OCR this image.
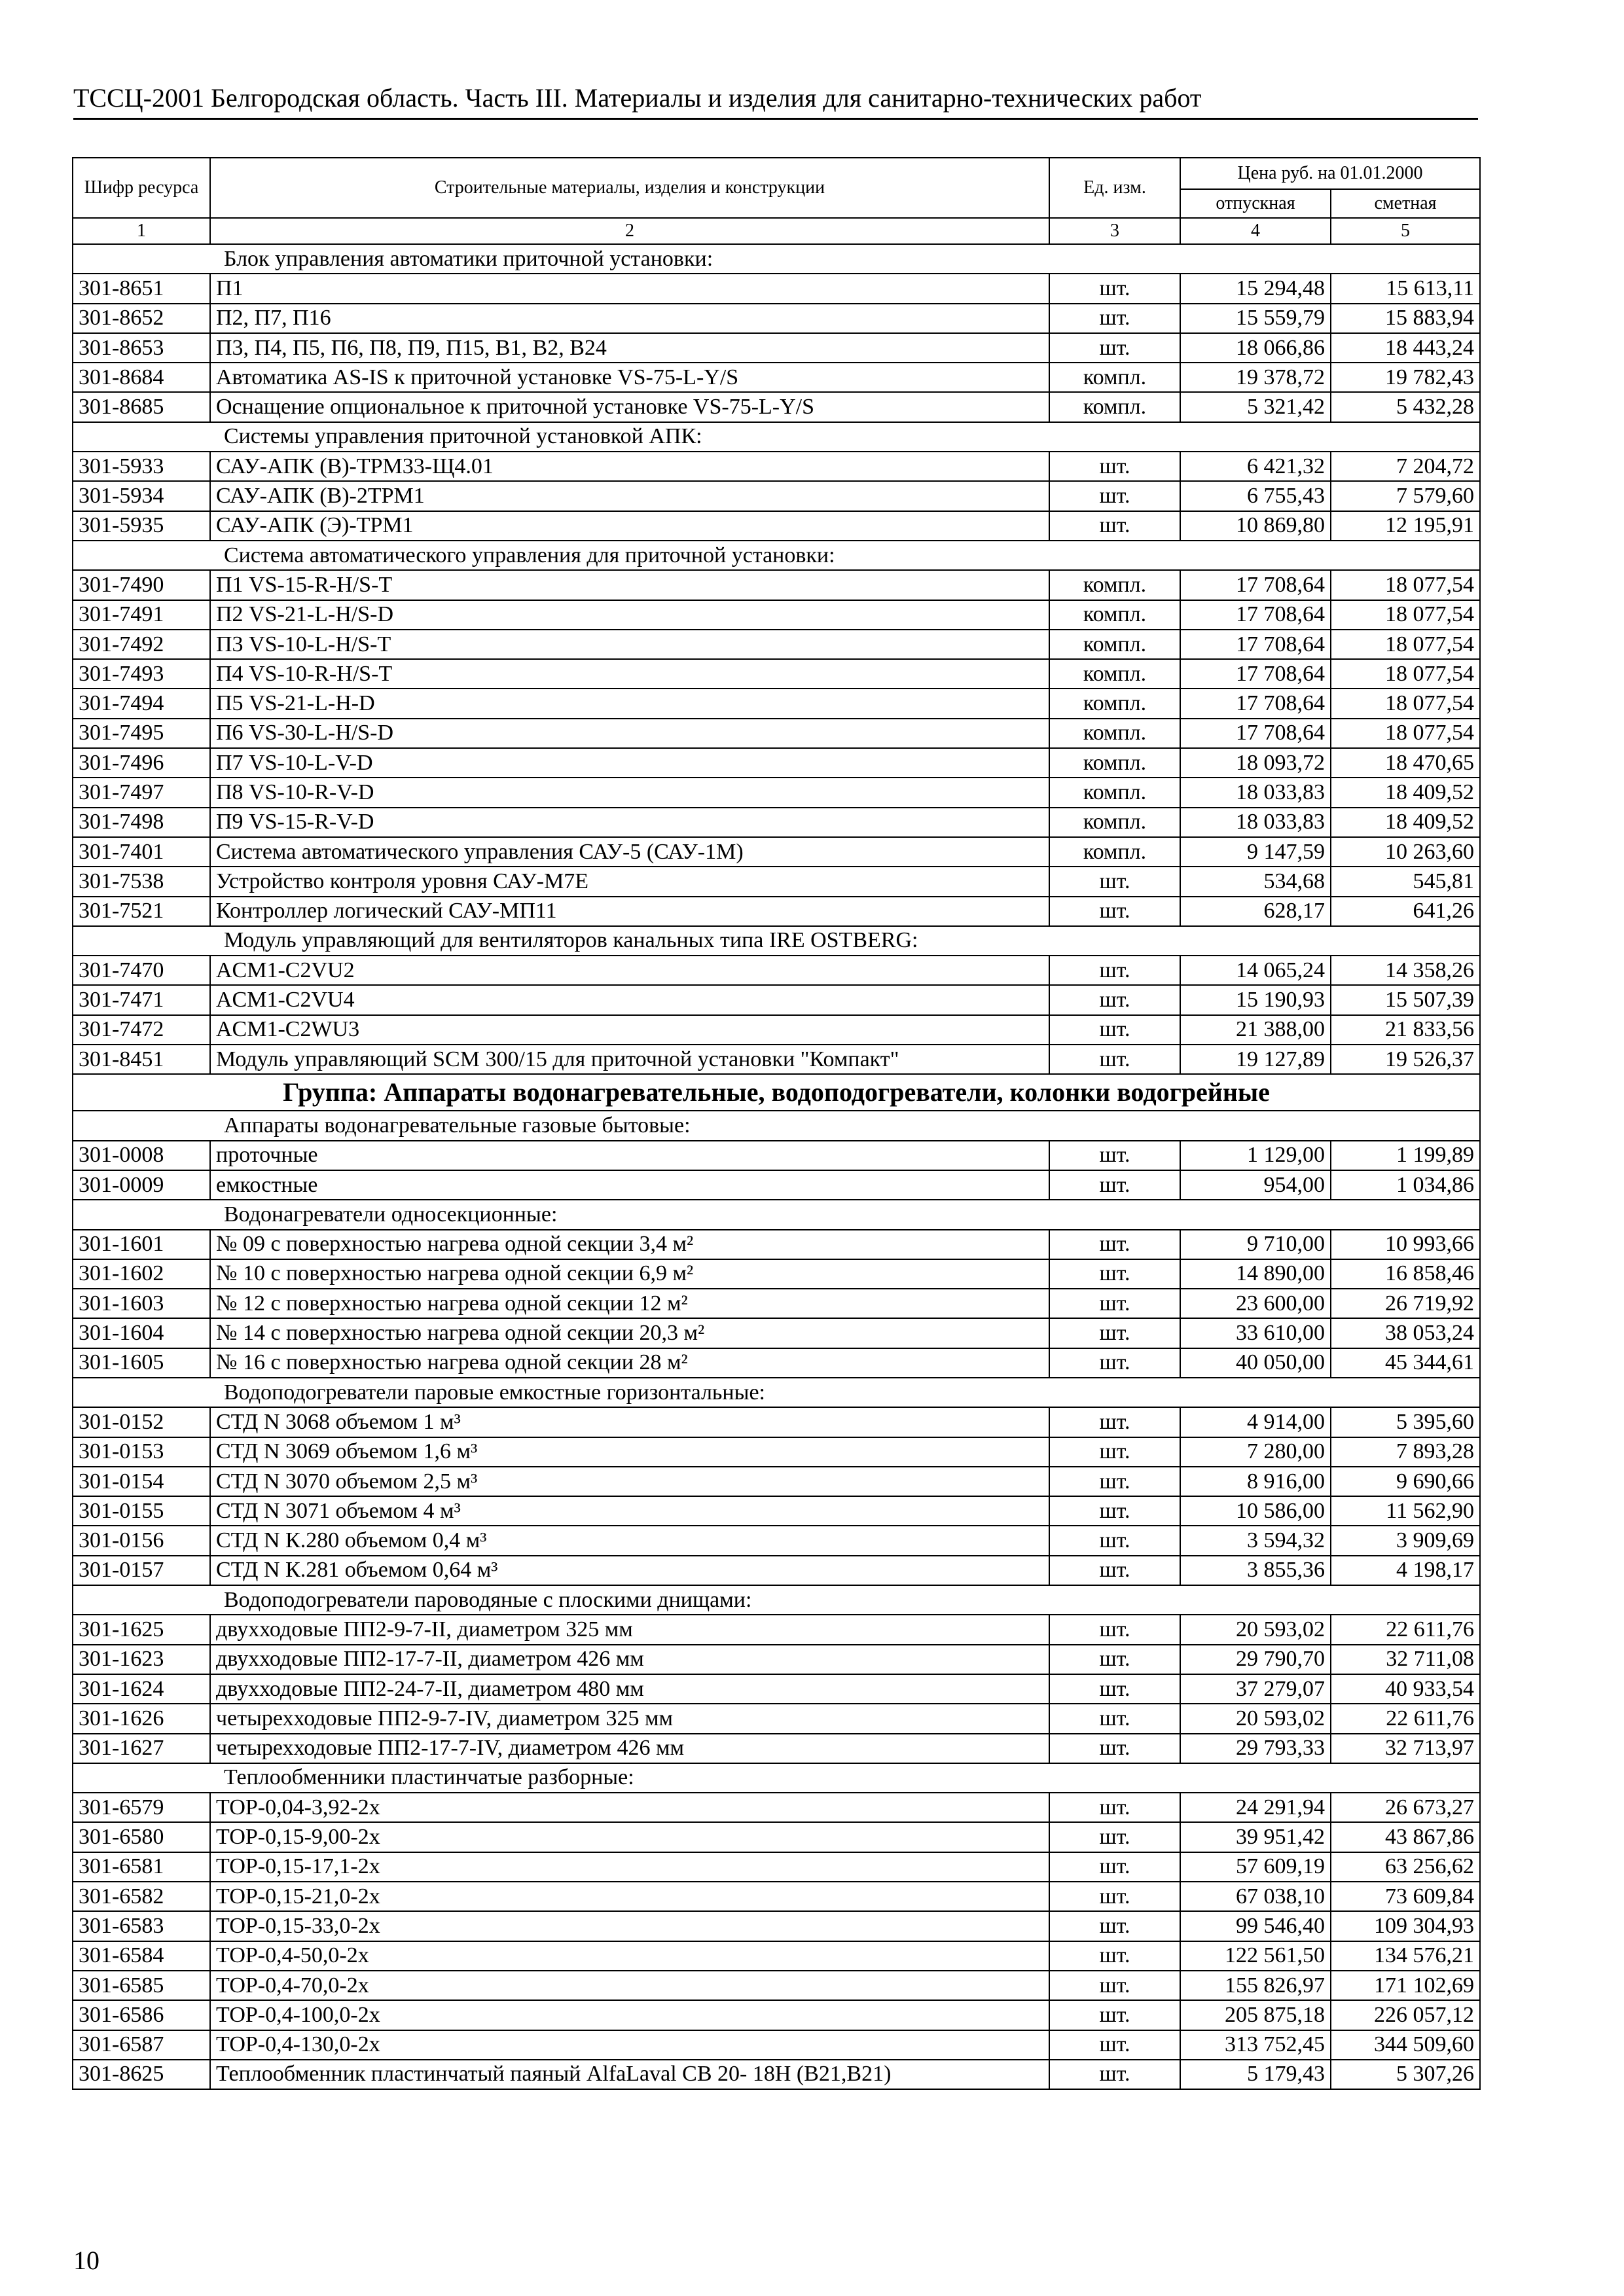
ТССЦ-2001 Белгородская область. Часть III. Материалы и изделия для санитарно-технических работ
Шифр ресурса	Строительные материалы, изделия и конструкции	Ед. изм.	Цена руб. на 01.01.2000	
			отпускная	сметная
1	2	3	4	5
Блок управления автоматики приточной установки:				
301-8651	П1	шт.	15 294,48	15 613,11
301-8652	П2, П7, П16	шт.	15 559,79	15 883,94
301-8653	П3, П4, П5, П6, П8, П9, П15, В1, В2, В24	шт.	18 066,86	18 443,24
301-8684	Автоматика AS-IS к приточной установке VS-75-L-Y/S	компл.	19 378,72	19 782,43
301-8685	Оснащение опциональное к приточной установке VS-75-L-Y/S	компл.	5 321,42	5 432,28
Системы управления приточной установкой АПК:				
301-5933	САУ-АПК (В)-ТРМ33-Щ4.01	шт.	6 421,32	7 204,72
301-5934	САУ-АПК (В)-2ТРМ1	шт.	6 755,43	7 579,60
301-5935	САУ-АПК (Э)-ТРМ1	шт.	10 869,80	12 195,91
Система автоматического управления для приточной установки:				
301-7490	П1 VS-15-R-H/S-T	компл.	17 708,64	18 077,54
301-7491	П2 VS-21-L-H/S-D	компл.	17 708,64	18 077,54
301-7492	П3 VS-10-L-H/S-T	компл.	17 708,64	18 077,54
301-7493	П4 VS-10-R-H/S-T	компл.	17 708,64	18 077,54
301-7494	П5 VS-21-L-H-D	компл.	17 708,64	18 077,54
301-7495	П6 VS-30-L-H/S-D	компл.	17 708,64	18 077,54
301-7496	П7 VS-10-L-V-D	компл.	18 093,72	18 470,65
301-7497	П8 VS-10-R-V-D	компл.	18 033,83	18 409,52
301-7498	П9 VS-15-R-V-D	компл.	18 033,83	18 409,52
301-7401	Система автоматического управления САУ-5 (САУ-1М)	компл.	9 147,59	10 263,60
301-7538	Устройство контроля уровня САУ-М7Е	шт.	534,68	545,81
301-7521	Контроллер логический САУ-МП11	шт.	628,17	641,26
Модуль управляющий для вентиляторов канальных типа IRE OSTBERG:				
301-7470	ACM1-C2VU2	шт.	14 065,24	14 358,26
301-7471	ACM1-C2VU4	шт.	15 190,93	15 507,39
301-7472	ACM1-C2WU3	шт.	21 388,00	21 833,56
301-8451	Модуль управляющий SCM 300/15 для приточной установки "Компакт"	шт.	19 127,89	19 526,37
Группа: Аппараты водонагревательные, водоподогреватели, колонки водогрейные				
Аппараты водонагревательные газовые бытовые:				
301-0008	проточные	шт.	1 129,00	1 199,89
301-0009	емкостные	шт.	954,00	1 034,86
Водонагреватели односекционные:				
301-1601	№ 09 с поверхностью нагрева одной секции 3,4 м²	шт.	9 710,00	10 993,66
301-1602	№ 10 с поверхностью нагрева одной секции 6,9 м²	шт.	14 890,00	16 858,46
301-1603	№ 12 с поверхностью нагрева одной секции 12 м²	шт.	23 600,00	26 719,92
301-1604	№ 14 с поверхностью нагрева одной секции 20,3 м²	шт.	33 610,00	38 053,24
301-1605	№ 16 с поверхностью нагрева одной секции 28 м²	шт.	40 050,00	45 344,61
Водоподогреватели паровые емкостные горизонтальные:				
301-0152	СТД N 3068 объемом 1 м³	шт.	4 914,00	5 395,60
301-0153	СТД N 3069 объемом 1,6 м³	шт.	7 280,00	7 893,28
301-0154	СТД N 3070 объемом 2,5 м³	шт.	8 916,00	9 690,66
301-0155	СТД N 3071 объемом 4 м³	шт.	10 586,00	11 562,90
301-0156	СТД N К.280 объемом 0,4 м³	шт.	3 594,32	3 909,69
301-0157	СТД N К.281 объемом 0,64 м³	шт.	3 855,36	4 198,17
Водоподогреватели пароводяные с плоскими днищами:				
301-1625	двухходовые ПП2-9-7-II, диаметром 325 мм	шт.	20 593,02	22 611,76
301-1623	двухходовые ПП2-17-7-II, диаметром 426 мм	шт.	29 790,70	32 711,08
301-1624	двухходовые ПП2-24-7-II, диаметром 480 мм	шт.	37 279,07	40 933,54
301-1626	четырехходовые ПП2-9-7-IV, диаметром 325 мм	шт.	20 593,02	22 611,76
301-1627	четырехходовые ПП2-17-7-IV, диаметром 426 мм	шт.	29 793,33	32 713,97
Теплообменники пластинчатые разборные:				
301-6579	ТОР-0,04-3,92-2х	шт.	24 291,94	26 673,27
301-6580	ТОР-0,15-9,00-2х	шт.	39 951,42	43 867,86
301-6581	ТОР-0,15-17,1-2х	шт.	57 609,19	63 256,62
301-6582	ТОР-0,15-21,0-2х	шт.	67 038,10	73 609,84
301-6583	ТОР-0,15-33,0-2х	шт.	99 546,40	109 304,93
301-6584	ТОР-0,4-50,0-2х	шт.	122 561,50	134 576,21
301-6585	ТОР-0,4-70,0-2х	шт.	155 826,97	171 102,69
301-6586	ТОР-0,4-100,0-2х	шт.	205 875,18	226 057,12
301-6587	ТОР-0,4-130,0-2х	шт.	313 752,45	344 509,60
301-8625	Теплообменник пластинчатый паяный AlfaLaval CB 20- 18H (B21,B21)	шт.	5 179,43	5 307,26
10
